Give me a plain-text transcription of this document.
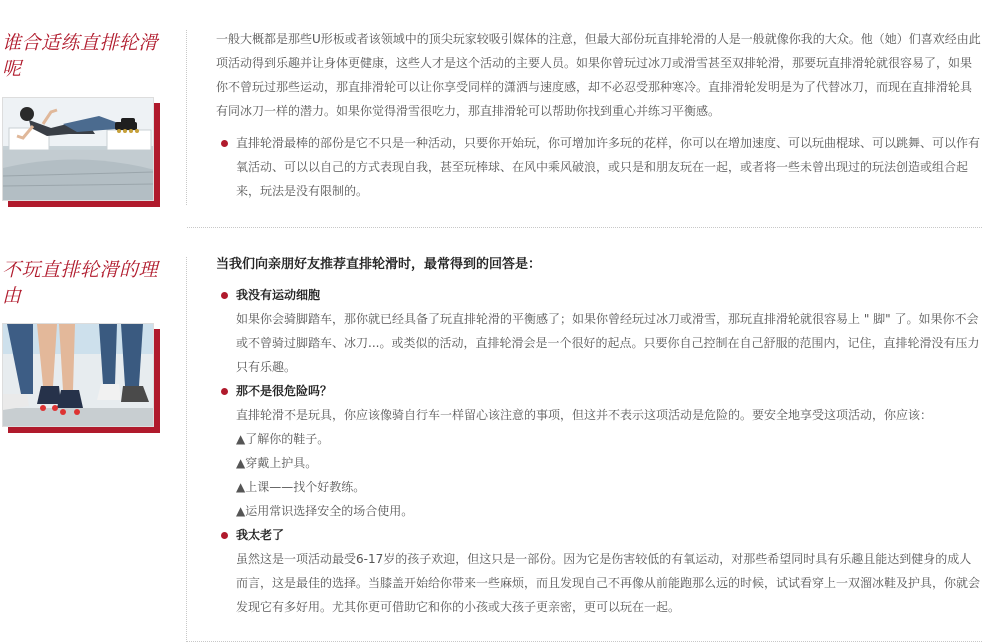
谁合适练直排轮滑呢

一般大概都是那些U形板或者该领域中的顶尖玩家较吸引媒体的注意，但最大部份玩直排轮滑的人是一般就像你我的大众。他（她）们喜欢经由此项活动得到乐趣并让身体更健康，这些人才是这个活动的主要人员。如果你曾玩过冰刀或滑雪甚至双排轮滑，那要玩直排滑轮就很容易了，如果你不曾玩过那些运动，那直排滑轮可以让你享受同样的潇洒与速度感，却不必忍受那种寒冷。直排滑轮发明是为了代替冰刀，而现在直排滑轮具有同冰刀一样的潜力。如果你觉得滑雪很吃力，那直排滑轮可以帮助你找到重心并练习平衡感。

直排轮滑最棒的部份是它不只是一种活动，只要你开始玩，你可增加许多玩的花样，你可以在增加速度、可以玩曲棍球、可以跳舞、可以作有氧活动、可以以自己的方式表现自我，甚至玩棒球、在风中乘风破浪，或只是和朋友玩在一起，或者将一些未曾出现过的玩法创造或组合起来，玩法是没有限制的。
不玩直排轮滑的理由
当我们向亲朋好友推荐直排轮滑时，最常得到的回答是：
我没有运动细胞
如果你会骑脚踏车，那你就已经具备了玩直排轮滑的平衡感了；如果你曾经玩过冰刀或滑雪，那玩直排滑轮就很容易上 " 脚" 了。如果你不会或不曾骑过脚踏车、冰刀...。或类似的活动，直排轮滑会是一个很好的起点。只要你自己控制在自己舒服的范围内，记住，直排轮滑没有压力只有乐趣。
那不是很危险吗？
直排轮滑不是玩具，你应该像骑自行车一样留心该注意的事项，但这并不表示这项活动是危险的。要安全地享受这项活动，你应该：
▲了解你的鞋子。
▲穿戴上护具。
▲上课——找个好教练。
▲运用常识选择安全的场合使用。
我太老了
虽然这是一项活动最受6-17岁的孩子欢迎，但这只是一部份。因为它是伤害较低的有氧运动，对那些希望同时具有乐趣且能达到健身的成人而言，这是最佳的选择。当膝盖开始给你带来一些麻烦，而且发现自己不再像从前能跑那么远的时候，试试看穿上一双溜冰鞋及护具，你就会发现它有多好用。尤其你更可借助它和你的小孩或大孩子更亲密，更可以玩在一起。
